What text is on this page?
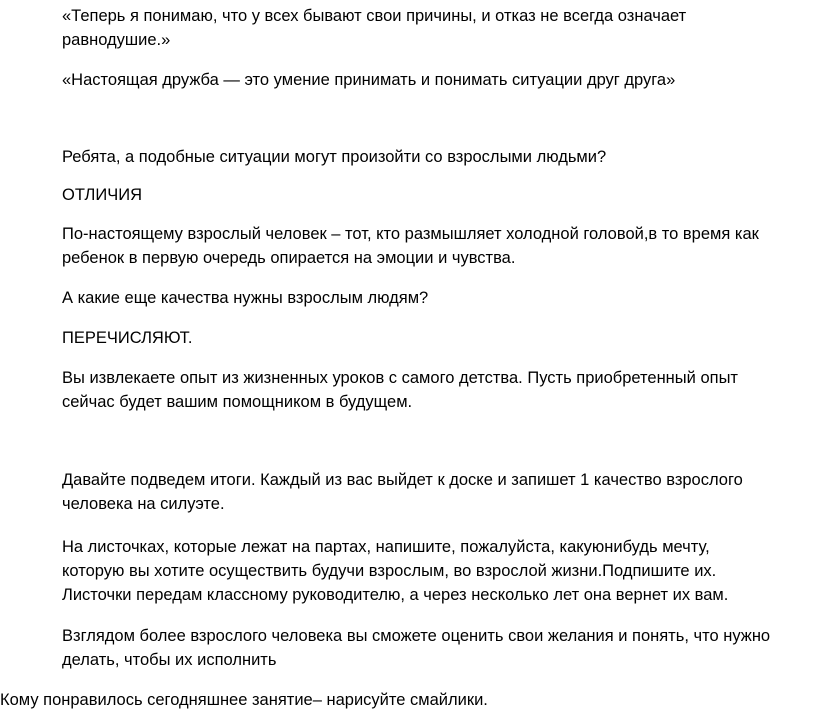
«Теперь я понимаю, что у всех бывают свои причины, и отказ не всегда означает
равнодушие.»

«Настоящая дружба — это умение принимать и понимать ситуации друг друга»

Ребята, а подобные ситуации могут произойти со взрослыми людьми?

ОТЛИЧИЯ

По-настоящему взрослый человек – тот, кто размышляет холодной головой,в то время как
ребенок в первую очередь опирается на эмоции и чувства.

А какие еще качества нужны взрослым людям?

ПЕРЕЧИСЛЯЮТ.

Вы извлекаете опыт из жизненных уроков с самого детства. Пусть приобретенный опыт
сейчас будет вашим помощником в будущем.

Давайте подведем итоги. Каждый из вас выйдет к доске и запишет 1 качество взрослого
человека на силуэте.

На листочках, которые лежат на партах, напишите, пожалуйста, какуюнибудь мечту,
которую вы хотите осуществить будучи взрослым, во взрослой жизни.Подпишите их.
Листочки передам классному руководителю, а через несколько лет она вернет их вам.

Взглядом более взрослого человека вы сможете оценить свои желания и понять, что нужно
делать, чтобы их исполнить

Кому понравилось сегодняшнее занятие– нарисуйте смайлики.
